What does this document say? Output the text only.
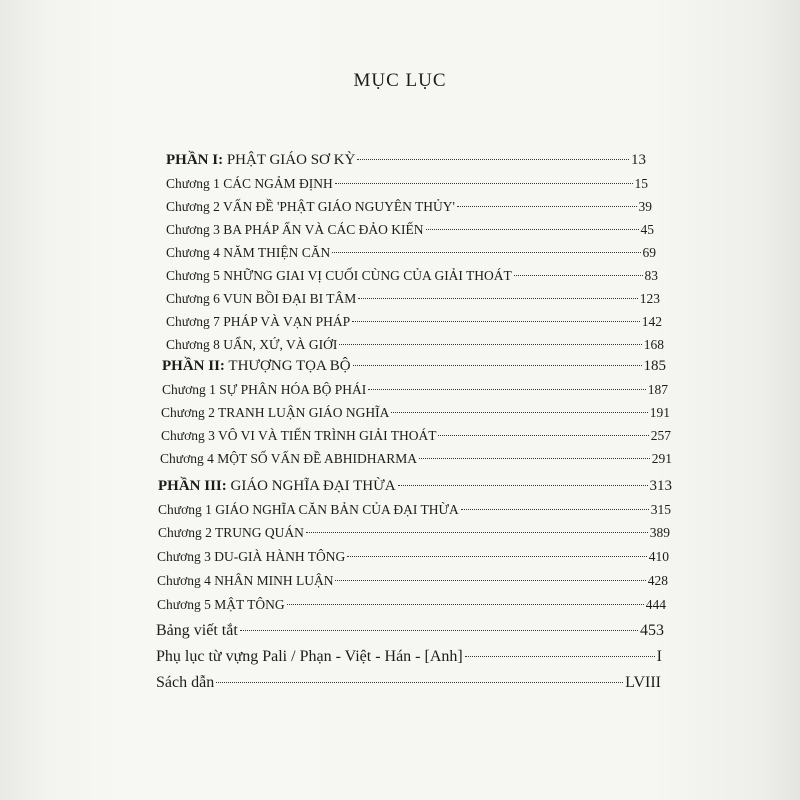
MỤC LỤC
PHẦN I: PHẬT GIÁO SƠ KỲ	13
Chương 1 CÁC NGẢM ĐỊNH	15
Chương 2 VẤN ĐỀ 'PHẬT GIÁO NGUYÊN THỦY'	39
Chương 3 BA PHÁP ẤN VÀ CÁC ĐẢO KIẾN	45
Chương 4 NĂM THIỆN CĂN	69
Chương 5 NHỮNG GIAI VỊ CUỐI CÙNG CỦA GIẢI THOÁT	83
Chương 6 VUN BỒI ĐẠI BI TÂM	123
Chương 7 PHÁP VÀ VẠN PHÁP	142
Chương 8 UẨN, XỨ, VÀ GIỚI	168
PHẦN II: THƯỢNG TỌA BỘ	185
Chương 1 SỰ PHÂN HÓA BỘ PHÁI	187
Chương 2 TRANH LUẬN GIÁO NGHĨA	191
Chương 3 VÔ VI VÀ TIẾN TRÌNH GIẢI THOÁT	257
Chương 4 MỘT SỐ VẤN ĐỀ ABHIDHARMA	291
PHẦN III: GIÁO NGHĨA ĐẠI THỪA	313
Chương 1 GIÁO NGHĨA CĂN BẢN CỦA ĐẠI THỪA	315
Chương 2 TRUNG QUÁN	389
Chương 3 DU-GIÀ HÀNH TÔNG	410
Chương 4 NHÂN MINH LUẬN	428
Chương 5 MẬT TÔNG	444
Bảng viết tắt	453
Phụ lục từ vựng Pali / Phạn - Việt - Hán - [Anh]	I
Sách dẫn	LVIII
